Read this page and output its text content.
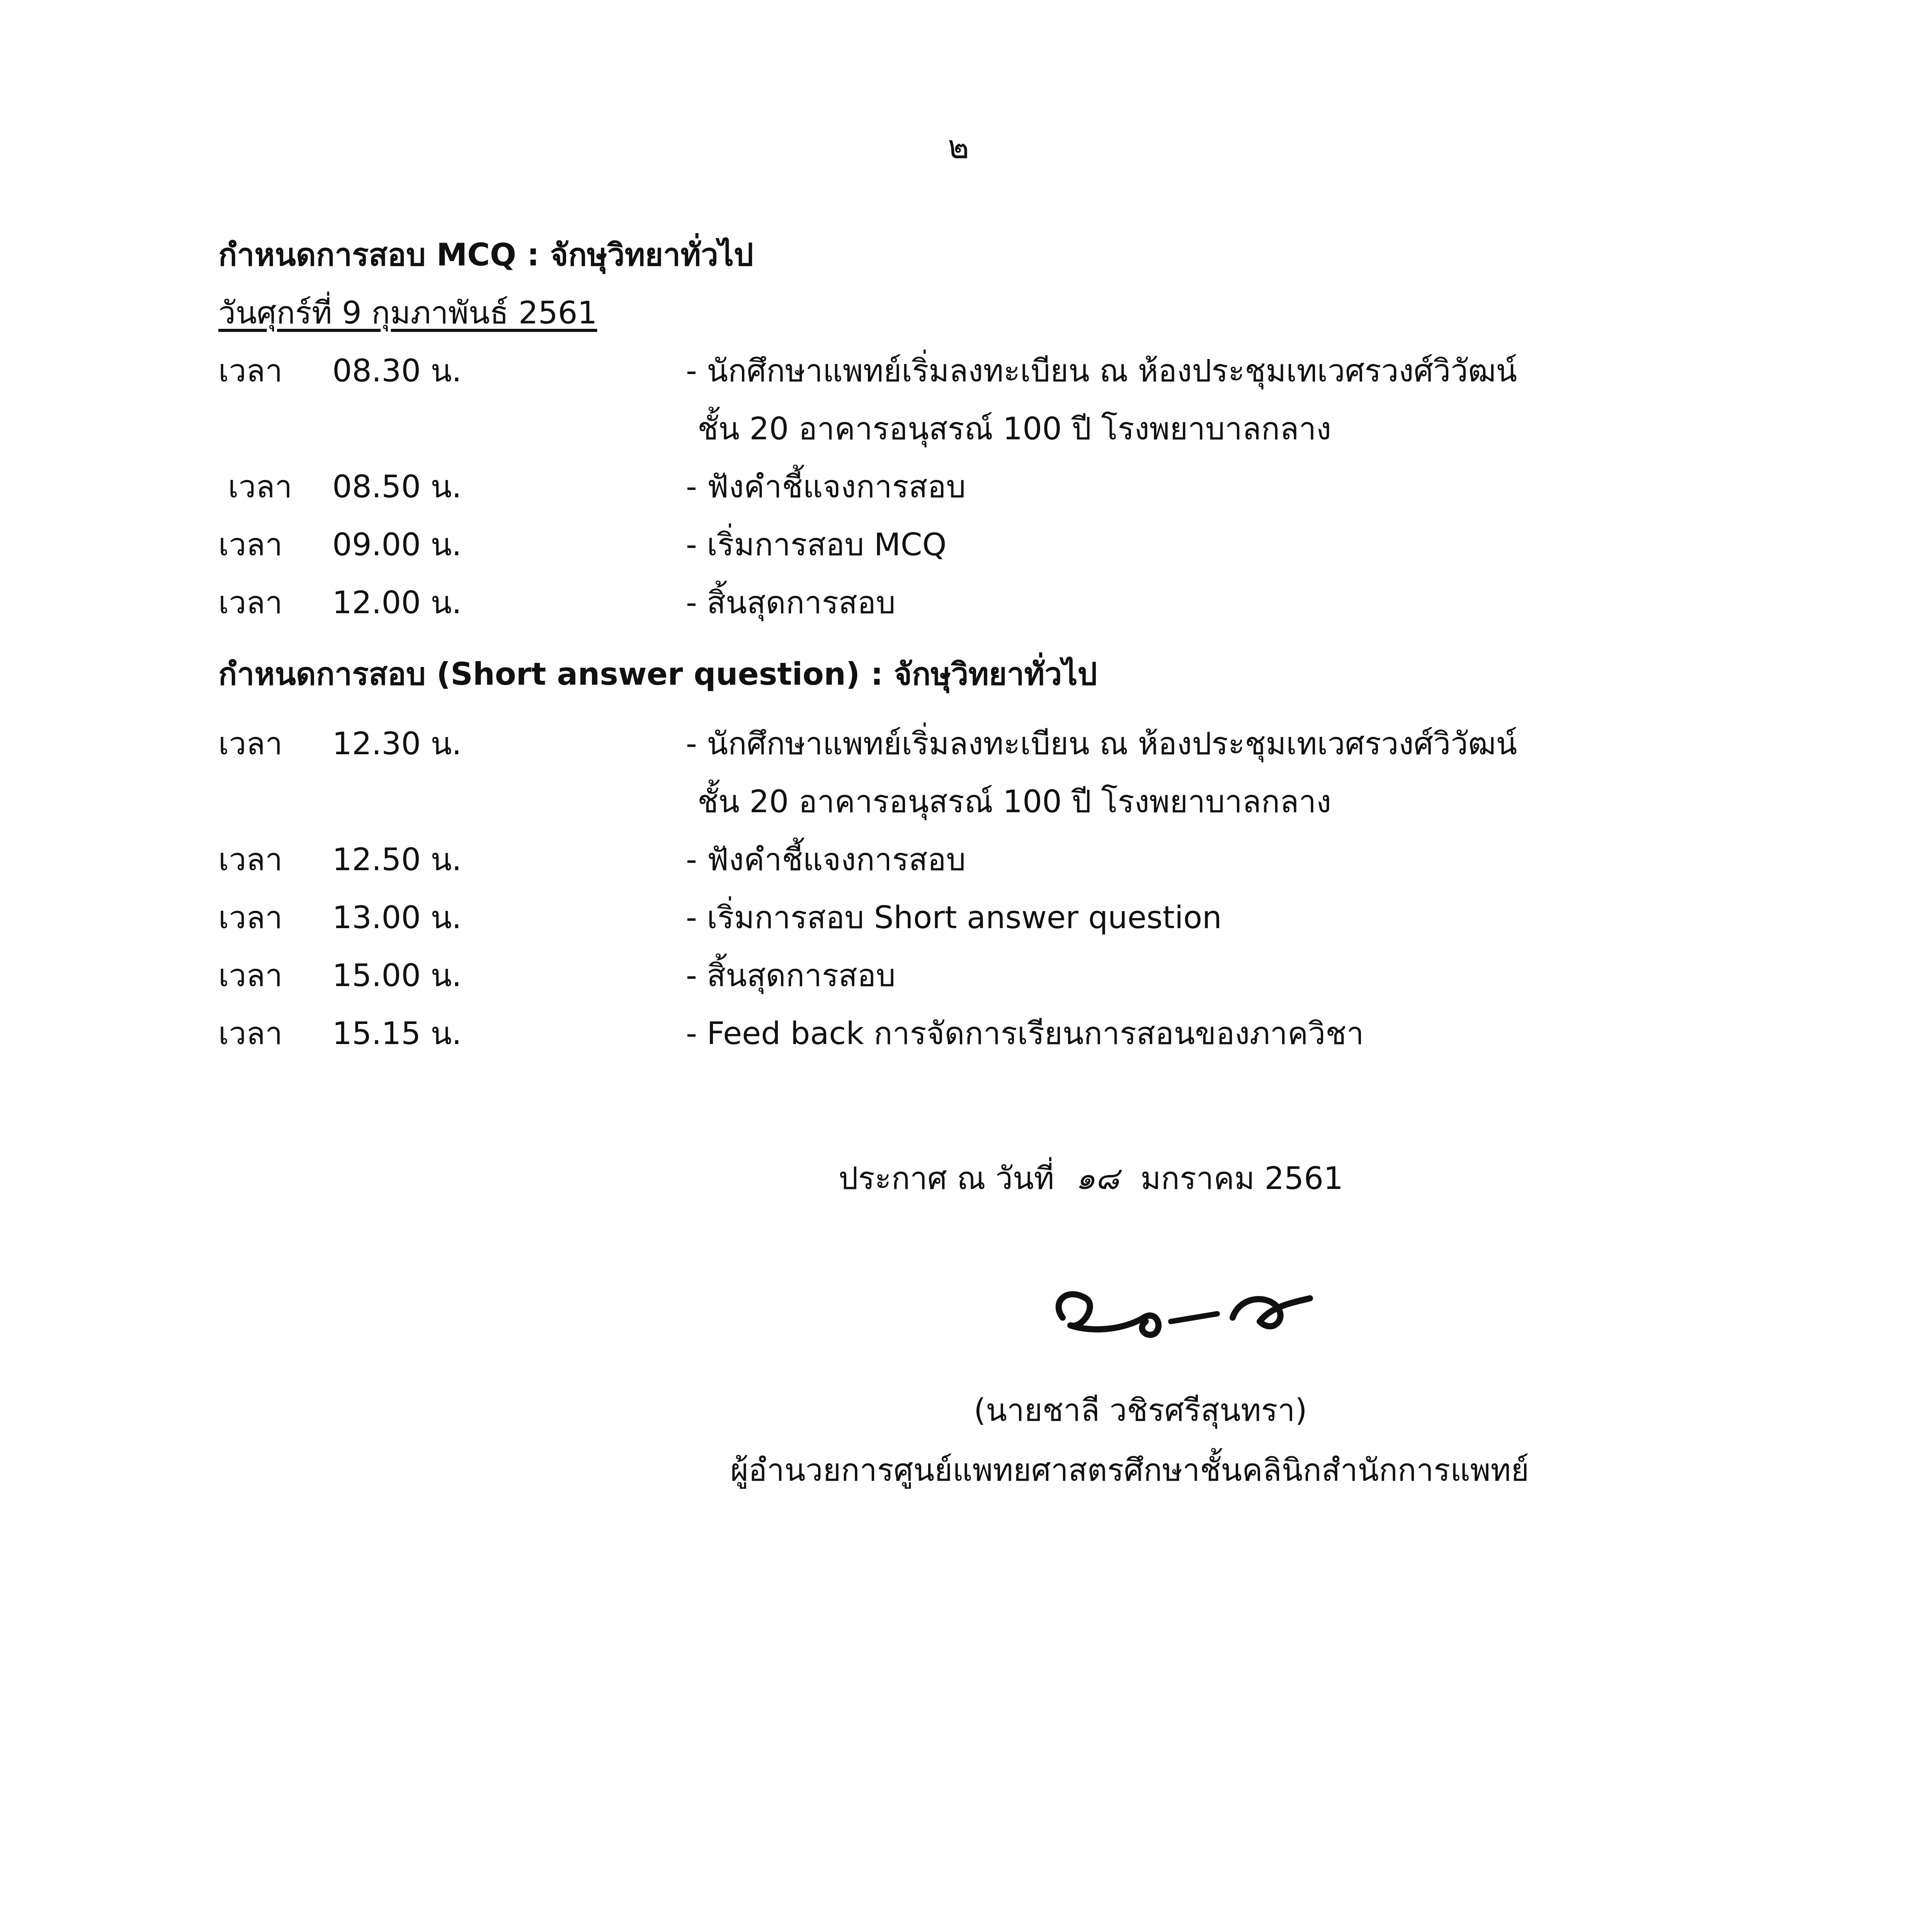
๒
กำหนดการสอบ MCQ : จักษุวิทยาทั่วไป
วันศุกร์ที่ 9 กุมภาพันธ์ 2561
เวลา 08.30 น.	- นักศึกษาแพทย์เริ่มลงทะเบียน ณ ห้องประชุมเทเวศรวงศ์วิวัฒน์
ชั้น 20 อาคารอนุสรณ์ 100 ปี โรงพยาบาลกลาง
เวลา 08.50 น.	- ฟังคำชี้แจงการสอบ
เวลา 09.00 น.	- เริ่มการสอบ MCQ
เวลา 12.00 น.	- สิ้นสุดการสอบ
กำหนดการสอบ (Short answer question) : จักษุวิทยาทั่วไป
เวลา 12.30 น.	- นักศึกษาแพทย์เริ่มลงทะเบียน ณ ห้องประชุมเทเวศรวงศ์วิวัฒน์
ชั้น 20 อาคารอนุสรณ์ 100 ปี โรงพยาบาลกลาง
เวลา 12.50 น.	- ฟังคำชี้แจงการสอบ
เวลา 13.00 น.	- เริ่มการสอบ Short answer question
เวลา 15.00 น.	- สิ้นสุดการสอบ
เวลา 15.15 น.	- Feed back การจัดการเรียนการสอนของภาควิชา
ประกาศ ณ วันที่ ๑๘ มกราคม 2561
(นายชาลี วชิรศรีสุนทรา)
ผู้อำนวยการศูนย์แพทยศาสตรศึกษาชั้นคลินิกสำนักการแพทย์
